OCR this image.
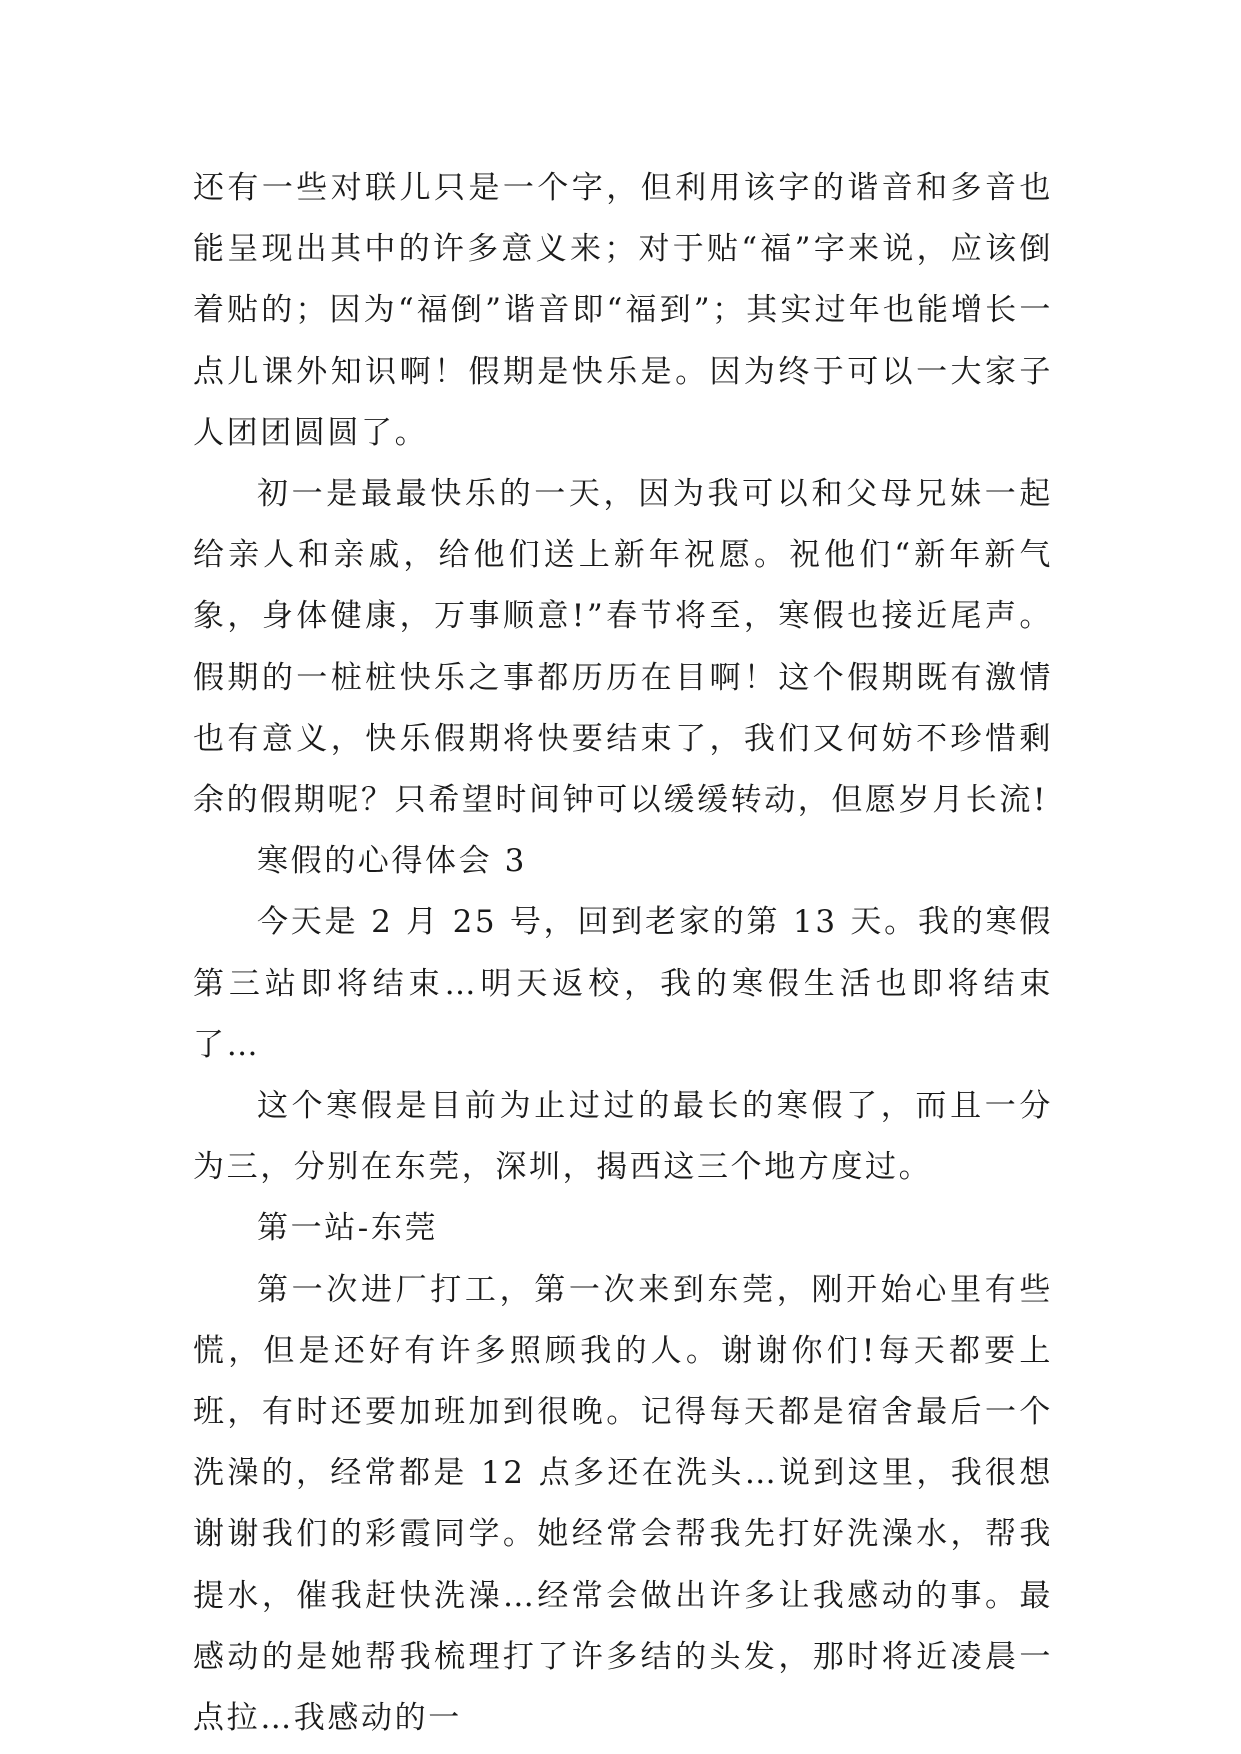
还有一些对联儿只是一个字，但利用该字的谐音和多音也能呈现出其中的许多意义来；对于贴“福”字来说，应该倒着贴的；因为“福倒”谐音即“福到”；其实过年也能增长一点儿课外知识啊！假期是快乐是。因为终于可以一大家子人团团圆圆了。

初一是最最快乐的一天，因为我可以和父母兄妹一起给亲人和亲戚，给他们送上新年祝愿。祝他们“新年新气象，身体健康，万事顺意!”春节将至，寒假也接近尾声。假期的一桩桩快乐之事都历历在目啊！这个假期既有激情也有意义，快乐假期将快要结束了，我们又何妨不珍惜剩余的假期呢？只希望时间钟可以缓缓转动，但愿岁月长流!

寒假的心得体会 3

今天是 2 月 25 号，回到老家的第 13 天。我的寒假第三站即将结束…明天返校，我的寒假生活也即将结束了…

这个寒假是目前为止过过的最长的寒假了，而且一分为三，分别在东莞，深圳，揭西这三个地方度过。

第一站-东莞

第一次进厂打工，第一次来到东莞，刚开始心里有些慌，但是还好有许多照顾我的人。谢谢你们!每天都要上班，有时还要加班加到很晚。记得每天都是宿舍最后一个洗澡的，经常都是 12 点多还在洗头…说到这里，我很想谢谢我们的彩霞同学。她经常会帮我先打好洗澡水，帮我提水，催我赶快洗澡…经常会做出许多让我感动的事。最感动的是她帮我梳理打了许多结的头发，那时将近凌晨一点拉…我感动的一
